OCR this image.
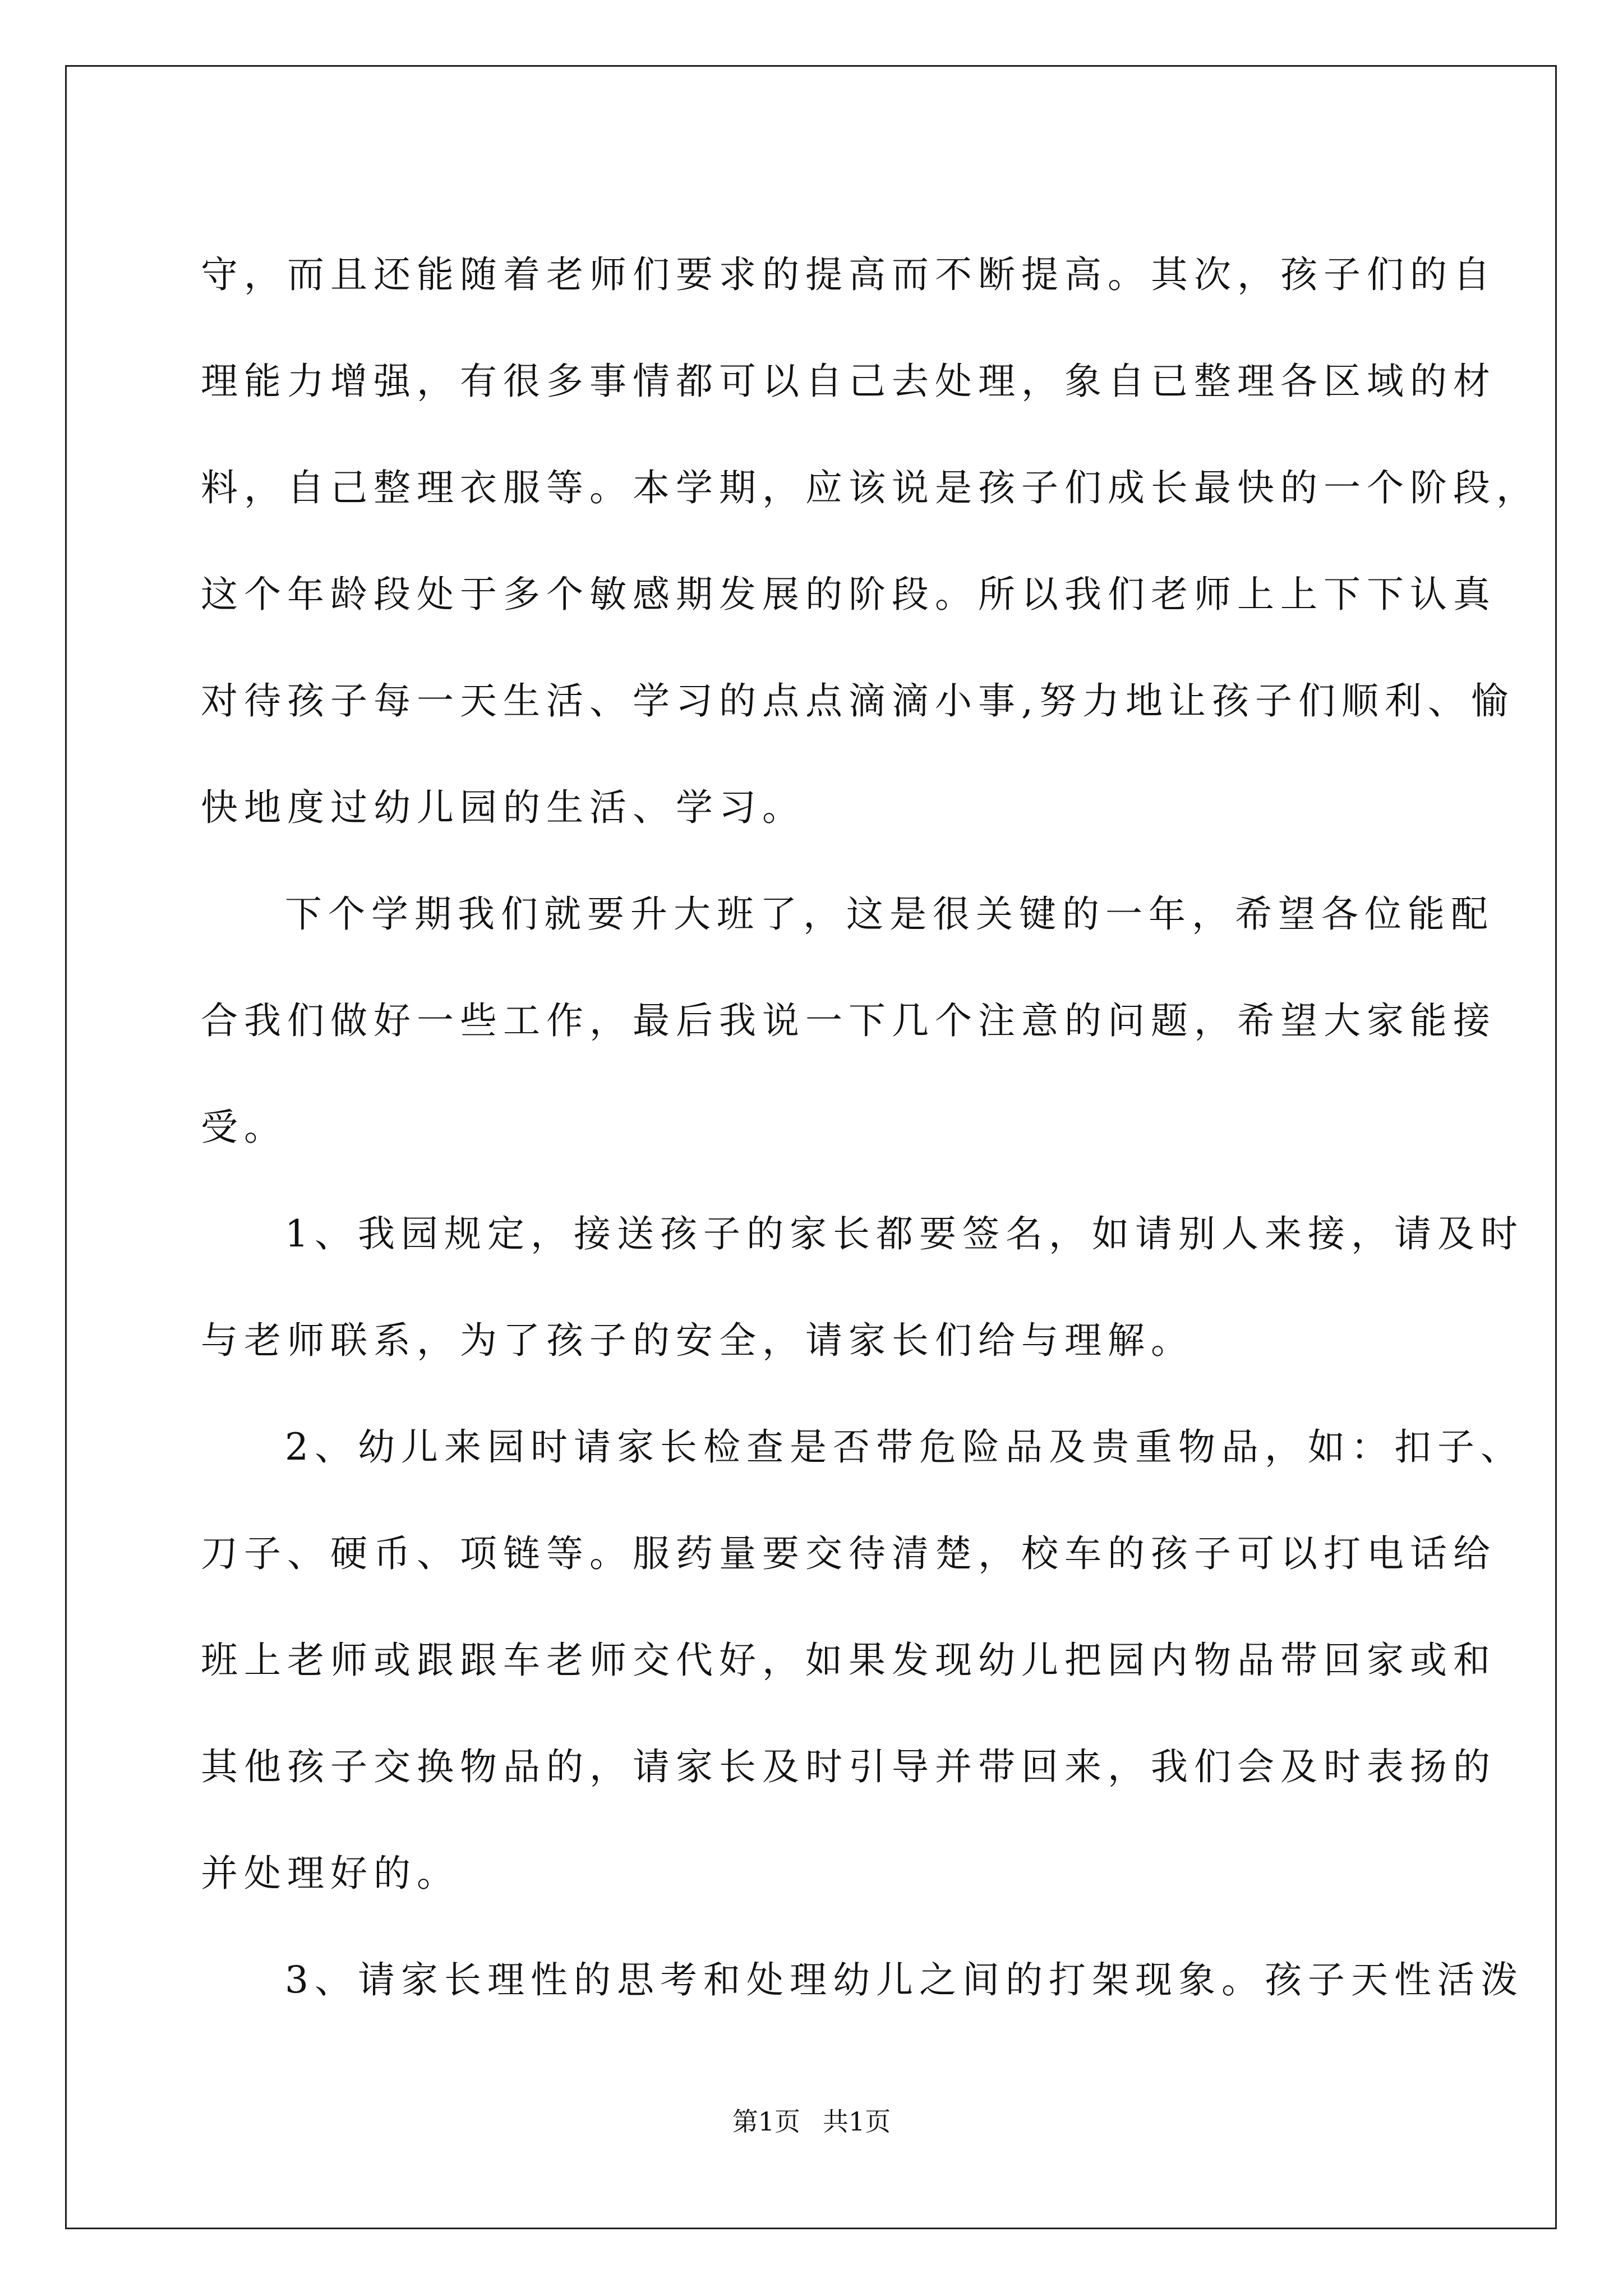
守，而且还能随着老师们要求的提高而不断提高。其次，孩子们的自
理能力增强，有很多事情都可以自己去处理，象自已整理各区域的材
料，自己整理衣服等。本学期，应该说是孩子们成长最快的一个阶段，
这个年龄段处于多个敏感期发展的阶段。所以我们老师上上下下认真
对待孩子每一天生活、学习的点点滴滴小事,努力地让孩子们顺利、愉
快地度过幼儿园的生活、学习。
下个学期我们就要升大班了，这是很关键的一年，希望各位能配
合我们做好一些工作，最后我说一下几个注意的问题，希望大家能接
受。
1、我园规定，接送孩子的家长都要签名，如请别人来接，请及时
与老师联系，为了孩子的安全，请家长们给与理解。
2、幼儿来园时请家长检查是否带危险品及贵重物品，如：扣子、
刀子、硬币、项链等。服药量要交待清楚，校车的孩子可以打电话给
班上老师或跟跟车老师交代好，如果发现幼儿把园内物品带回家或和
其他孩子交换物品的，请家长及时引导并带回来，我们会及时表扬的
并处理好的。
3、请家长理性的思考和处理幼儿之间的打架现象。孩子天性活泼
第1页 共1页
